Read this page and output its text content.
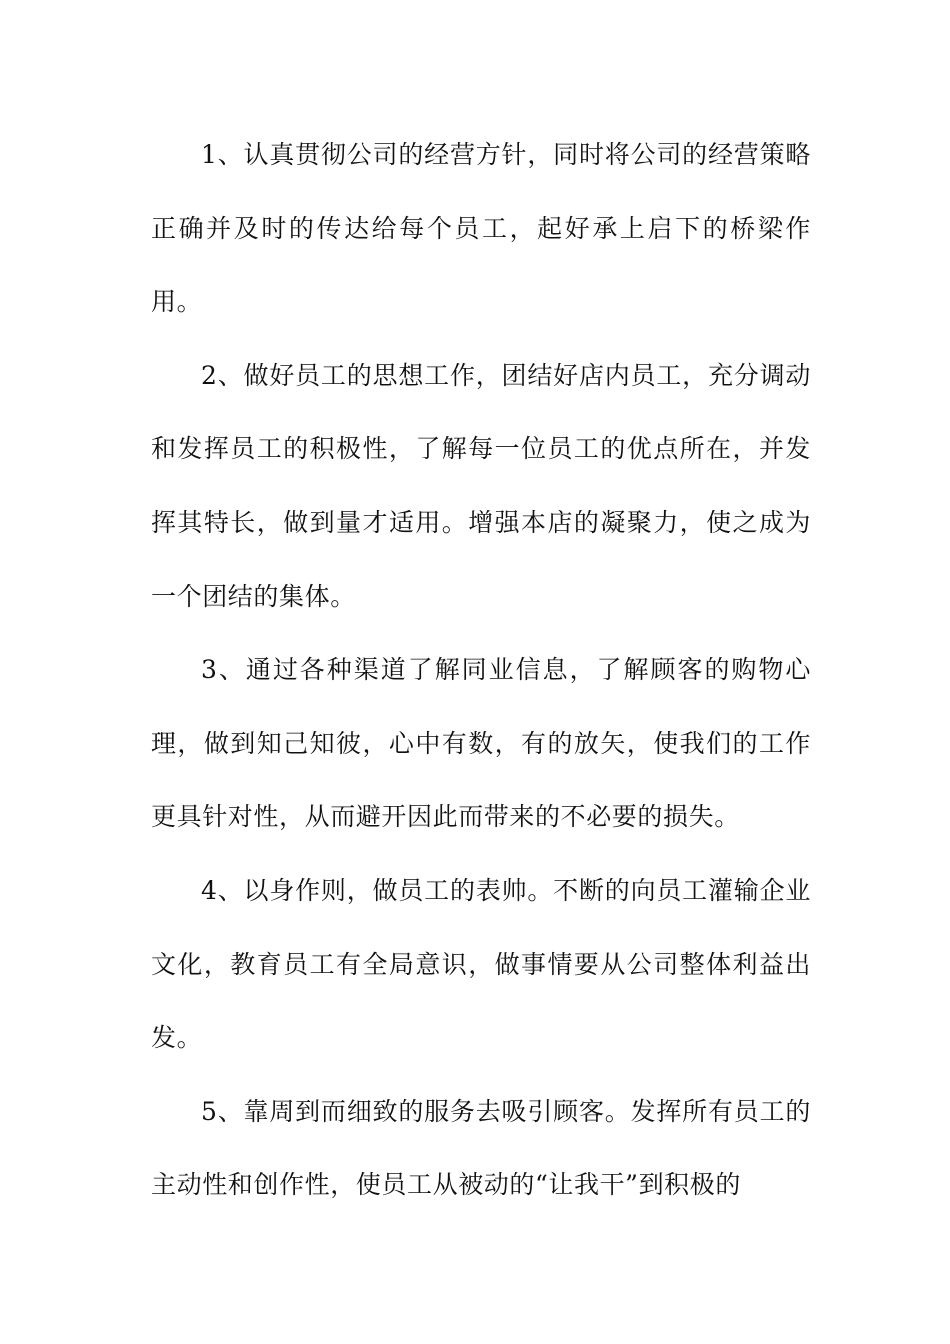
1、认真贯彻公司的经营方针，同时将公司的经营策略正确并及时的传达给每个员工，起好承上启下的桥梁作用。

2、做好员工的思想工作，团结好店内员工，充分调动和发挥员工的积极性，了解每一位员工的优点所在，并发挥其特长，做到量才适用。增强本店的凝聚力，使之成为一个团结的集体。

3、通过各种渠道了解同业信息，了解顾客的购物心理，做到知己知彼，心中有数，有的放矢，使我们的工作更具针对性，从而避开因此而带来的不必要的损失。

4、以身作则，做员工的表帅。不断的向员工灌输企业文化，教育员工有全局意识，做事情要从公司整体利益出发。

5、靠周到而细致的服务去吸引顾客。发挥所有员工的主动性和创作性，使员工从被动的“让我干”到积极的
